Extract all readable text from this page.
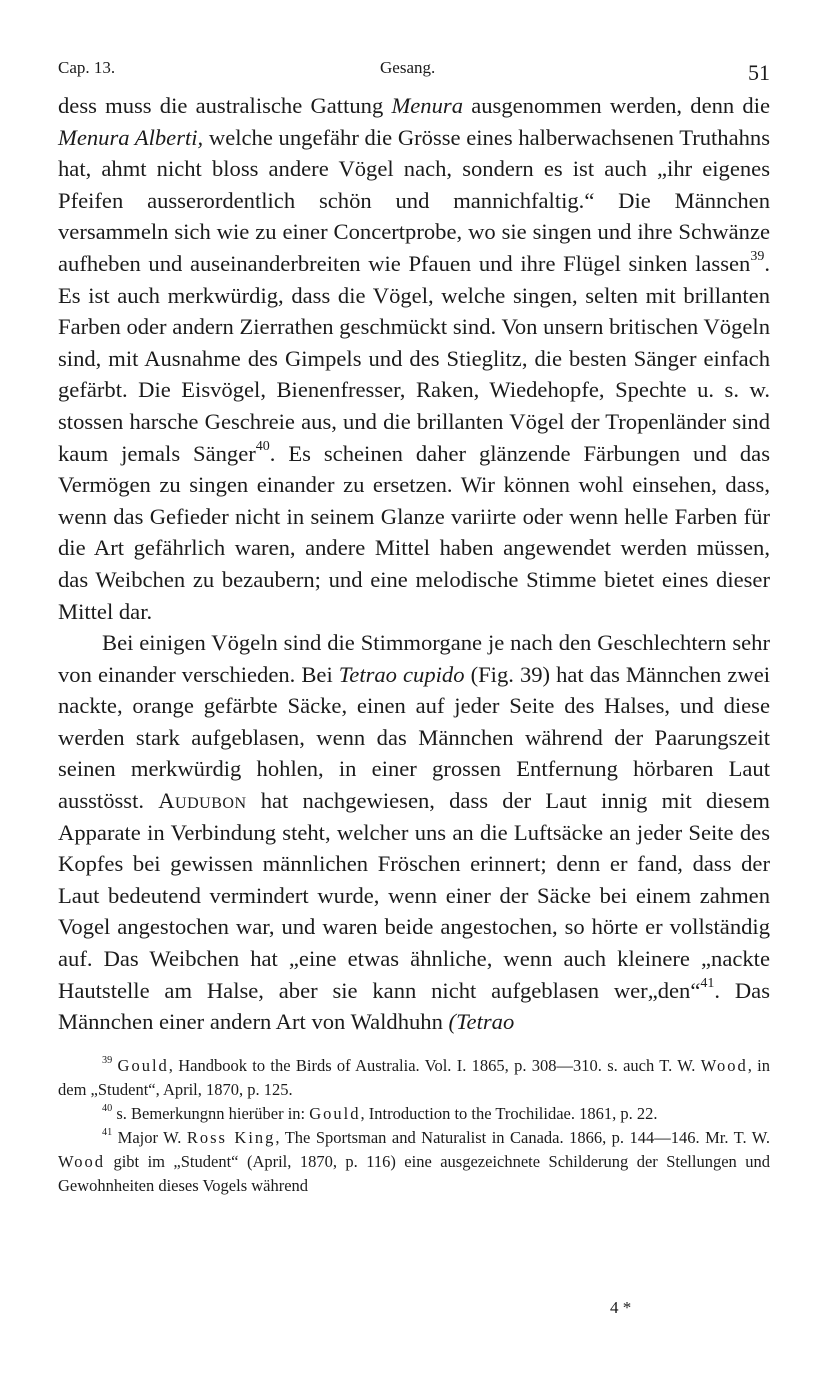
Cap. 13.	Gesang.	51

dess muss die australische Gattung Menura ausgenommen werden, denn die Menura Alberti, welche ungefähr die Grösse eines halberwachsenen Truthahns hat, ahmt nicht bloss andere Vögel nach, sondern es ist auch „ihr eigenes Pfeifen ausserordentlich schön und mannichfaltig.“ Die Männchen versammeln sich wie zu einer Concertprobe, wo sie singen und ihre Schwänze aufheben und auseinanderbreiten wie Pfauen und ihre Flügel sinken lassen$^{39}$. Es ist auch merkwürdig, dass die Vögel, welche singen, selten mit brillanten Farben oder andern Zierrathen geschmückt sind. Von unsern britischen Vögeln sind, mit Ausnahme des Gimpels und des Stieglitz, die besten Sänger einfach gefärbt. Die Eisvögel, Bienenfresser, Raken, Wiedehopfe, Spechte u. s. w. stossen harsche Geschreie aus, und die brillanten Vögel der Tropenländer sind kaum jemals Sänger$^{40}$. Es scheinen daher glänzende Färbungen und das Vermögen zu singen einander zu ersetzen. Wir können wohl einsehen, dass, wenn das Gefieder nicht in seinem Glanze variirte oder wenn helle Farben für die Art gefährlich waren, andere Mittel haben angewendet werden müssen, das Weibchen zu bezaubern; und eine melodische Stimme bietet eines dieser Mittel dar.

Bei einigen Vögeln sind die Stimmorgane je nach den Geschlechtern sehr von einander verschieden. Bei Tetrao cupido (Fig. 39) hat das Männchen zwei nackte, orange gefärbte Säcke, einen auf jeder Seite des Halses, und diese werden stark aufgeblasen, wenn das Männchen während der Paarungszeit seinen merkwürdig hohlen, in einer grossen Entfernung hörbaren Laut ausstösst. Audubon hat nachgewiesen, dass der Laut innig mit diesem Apparate in Verbindung steht, welcher uns an die Luftsäcke an jeder Seite des Kopfes bei gewissen männlichen Fröschen erinnert; denn er fand, dass der Laut bedeutend vermindert wurde, wenn einer der Säcke bei einem zahmen Vogel angestochen war, und waren beide angestochen, so hörte er vollständig auf. Das Weibchen hat „eine etwas ähnliche, wenn auch kleinere „nackte Hautstelle am Halse, aber sie kann nicht aufgeblasen wer„den“$^{41}$. Das Männchen einer andern Art von Waldhuhn (Tetrao

$^{39}$ Gould, Handbook to the Birds of Australia. Vol. I. 1865, p. 308—310. s. auch T. W. Wood, in dem „Student“, April, 1870, p. 125.

$^{40}$ s. Bemerkungnn hierüber in: Gould, Introduction to the Trochilidae. 1861, p. 22.

$^{41}$ Major W. Ross King, The Sportsman and Naturalist in Canada. 1866, p. 144—146. Mr. T. W. Wood gibt im „Student“ (April, 1870, p. 116) eine ausgezeichnete Schilderung der Stellungen und Gewohnheiten dieses Vogels während

4 *
